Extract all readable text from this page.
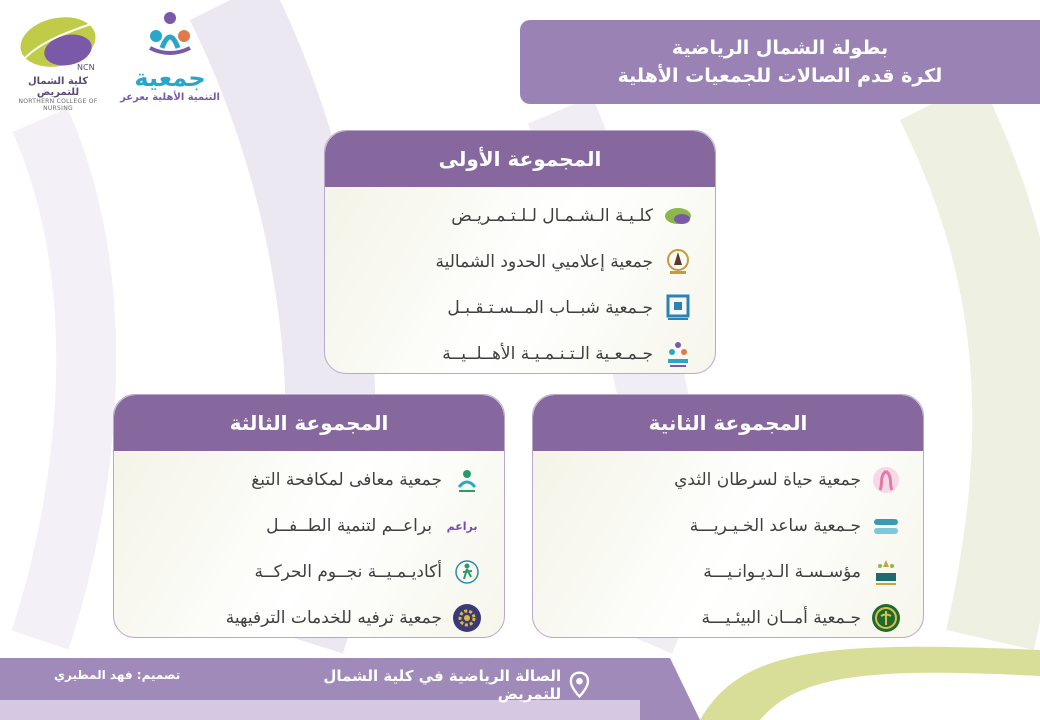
NCN
كلية الشمال للتمريض
NORTHERN COLLEGE OF NURSING
جمعية
التنمية الأهلية بعرعر
بطولة الشمال الرياضية
لكرة قدم الصالات للجمعيات الأهلية
المجموعة الأولى
كلـيـة الـشـمـال لـلـتـمـريـض
جمعية إعلاميي الحدود الشمالية
جـمعية شبــاب المــسـتـقـبـل
جـمـعـية الـتـنـمـيـة الأهــلــيــة
المجموعة الثانية
جمعية حياة لسرطان الثدي
جـمعية ساعد الخـيـريـــة
مؤسـسـة الـديـوانـيـــة
جـمعية أمــان البيئـيـــة
المجموعة الثالثة
جمعية معافى لمكافحة التبغ
براعم
براعــم لتنمية الطــفــل
أكاديـمـيــة نجــوم الحركــة
جمعية ترفيه للخدمات الترفيهية
الصالة الرياضية في كلية الشمال للتمريض
تصميم: فهد المطيري
